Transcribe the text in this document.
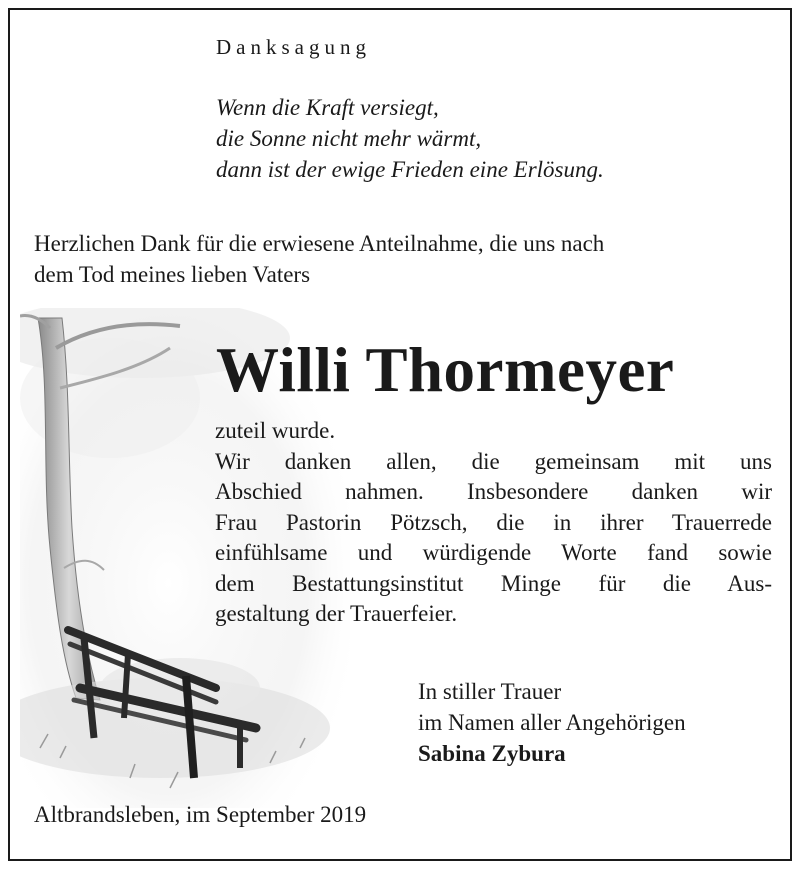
Danksagung
Wenn die Kraft versiegt,
die Sonne nicht mehr wärmt,
dann ist der ewige Frieden eine Erlösung.
Herzlichen Dank für die erwiesene Anteilnahme, die uns nach
dem Tod meines lieben Vaters
Willi Thormeyer
zuteil wurde.
Wir danken allen, die gemeinsam mit uns
Abschied nahmen. Insbesondere danken wir
Frau Pastorin Pötzsch, die in ihrer Trauerrede
einfühlsame und würdigende Worte fand sowie
dem Bestattungsinstitut Minge für die Aus-
gestaltung der Trauerfeier.
In stiller Trauer
im Namen aller Angehörigen
Sabina Zybura
Altbrandsleben, im September 2019
